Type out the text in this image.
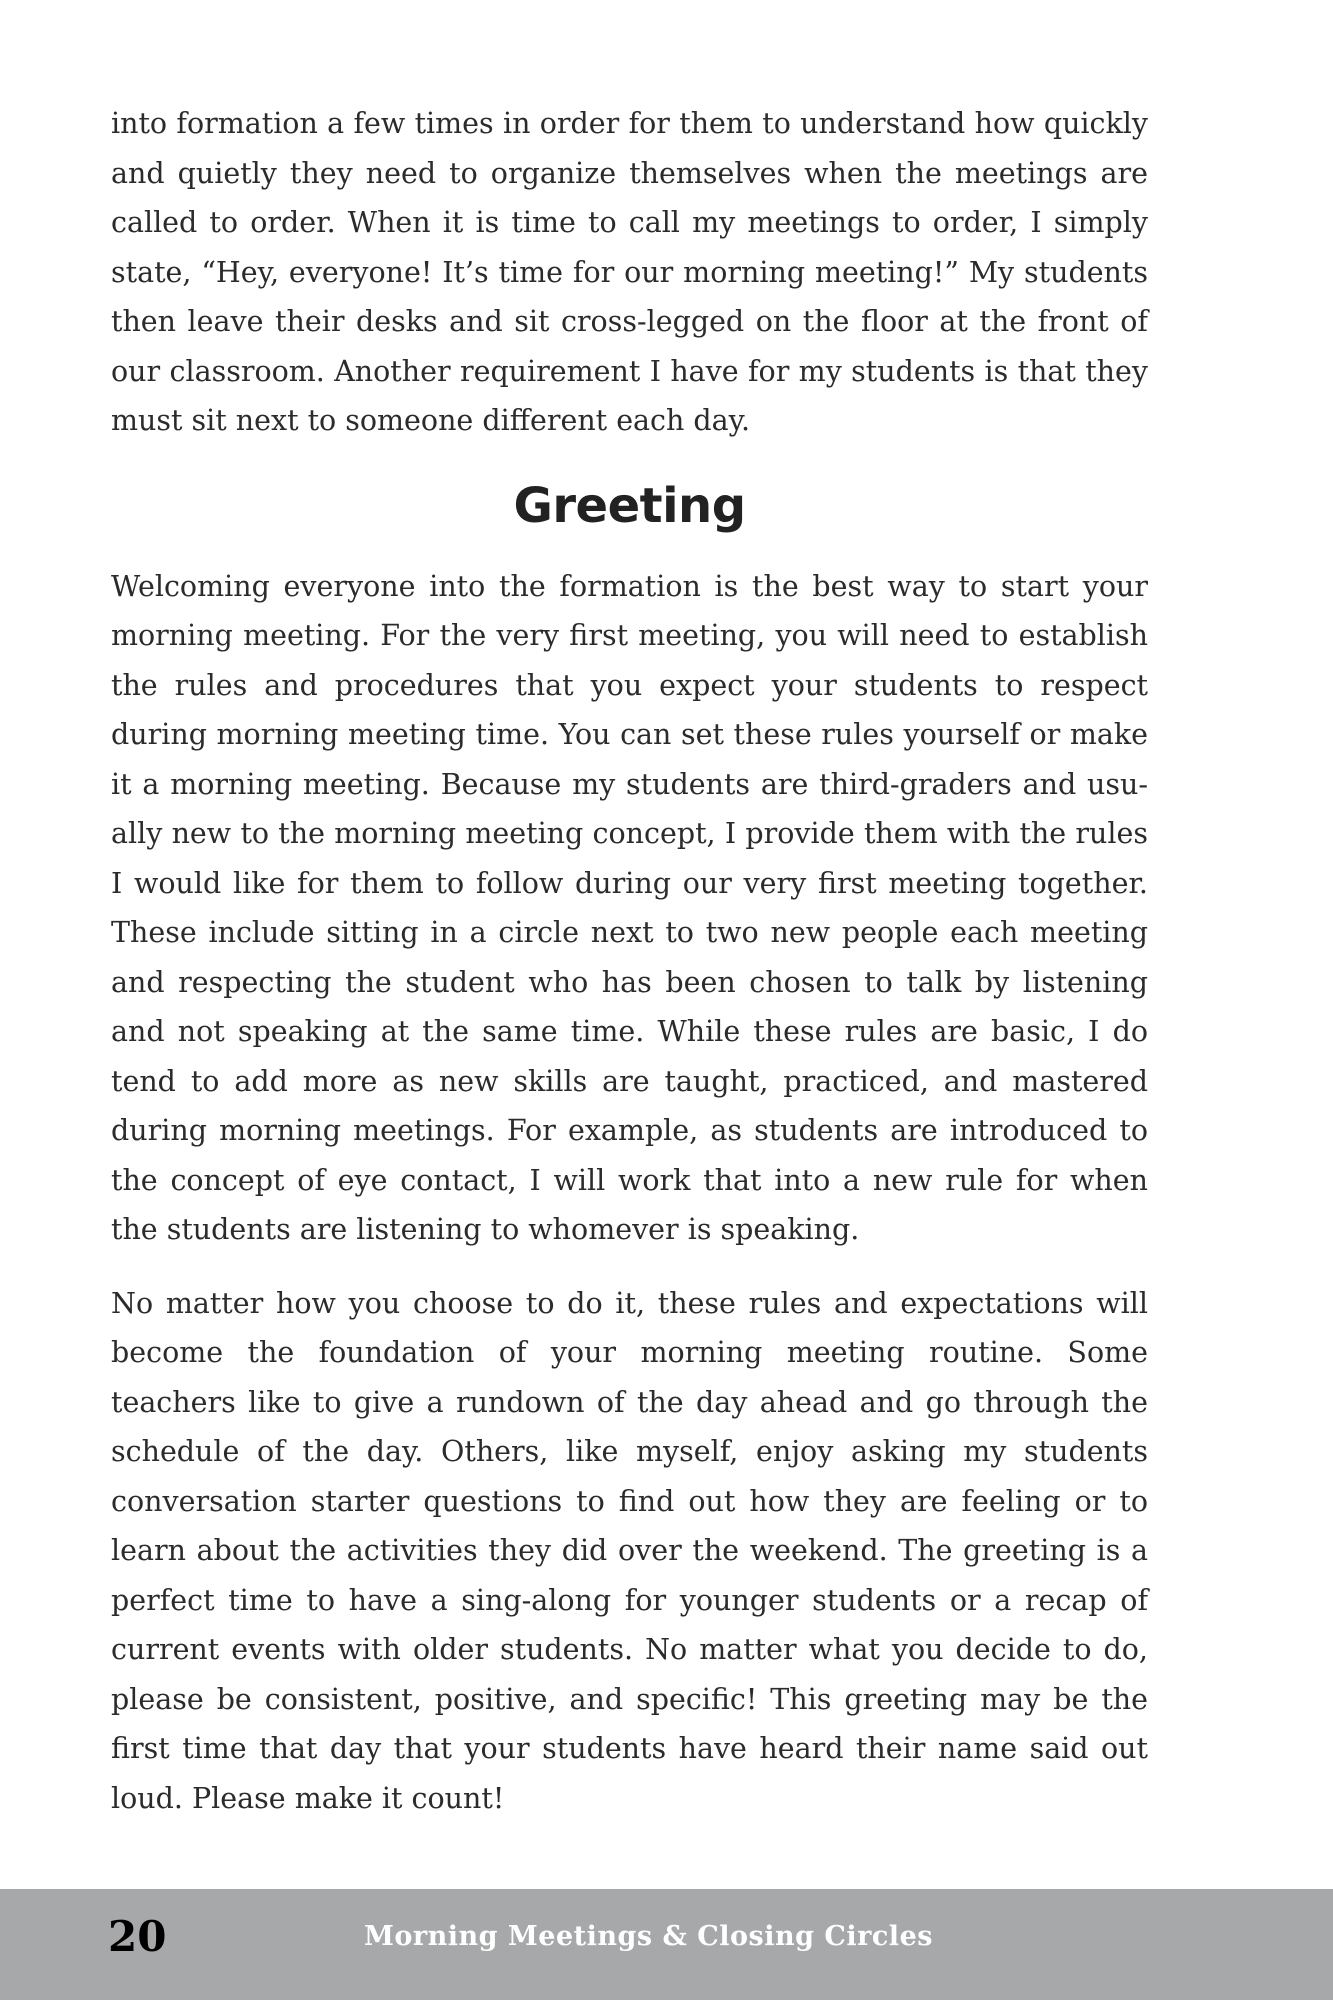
into formation a few times in order for them to understand how quickly and quietly they need to organize themselves when the meetings are called to order. When it is time to call my meetings to order, I simply state, “Hey, everyone! It’s time for our morning meeting!” My students then leave their desks and sit cross-legged on the floor at the front of our classroom. Another requirement I have for my students is that they must sit next to someone different each day.

Greeting

Welcoming everyone into the formation is the best way to start your morning meeting. For the very first meeting, you will need to establish the rules and procedures that you expect your students to respect during morning meeting time. You can set these rules yourself or make it a morning meeting. Because my students are third-graders and usually new to the morning meeting concept, I provide them with the rules I would like for them to follow during our very first meeting together. These include sitting in a circle next to two new people each meeting and respecting the student who has been chosen to talk by listening and not speaking at the same time. While these rules are basic, I do tend to add more as new skills are taught, practiced, and mastered during morning meetings. For example, as students are introduced to the concept of eye contact, I will work that into a new rule for when the students are listening to whomever is speaking.

No matter how you choose to do it, these rules and expectations will become the foundation of your morning meeting routine. Some teachers like to give a rundown of the day ahead and go through the schedule of the day. Others, like myself, enjoy asking my students conversation starter questions to find out how they are feeling or to learn about the activities they did over the weekend. The greeting is a perfect time to have a sing-along for younger students or a recap of current events with older students. No matter what you decide to do, please be consistent, positive, and specific! This greeting may be the first time that day that your students have heard their name said out loud. Please make it count!

20	Morning Meetings & Closing Circles
